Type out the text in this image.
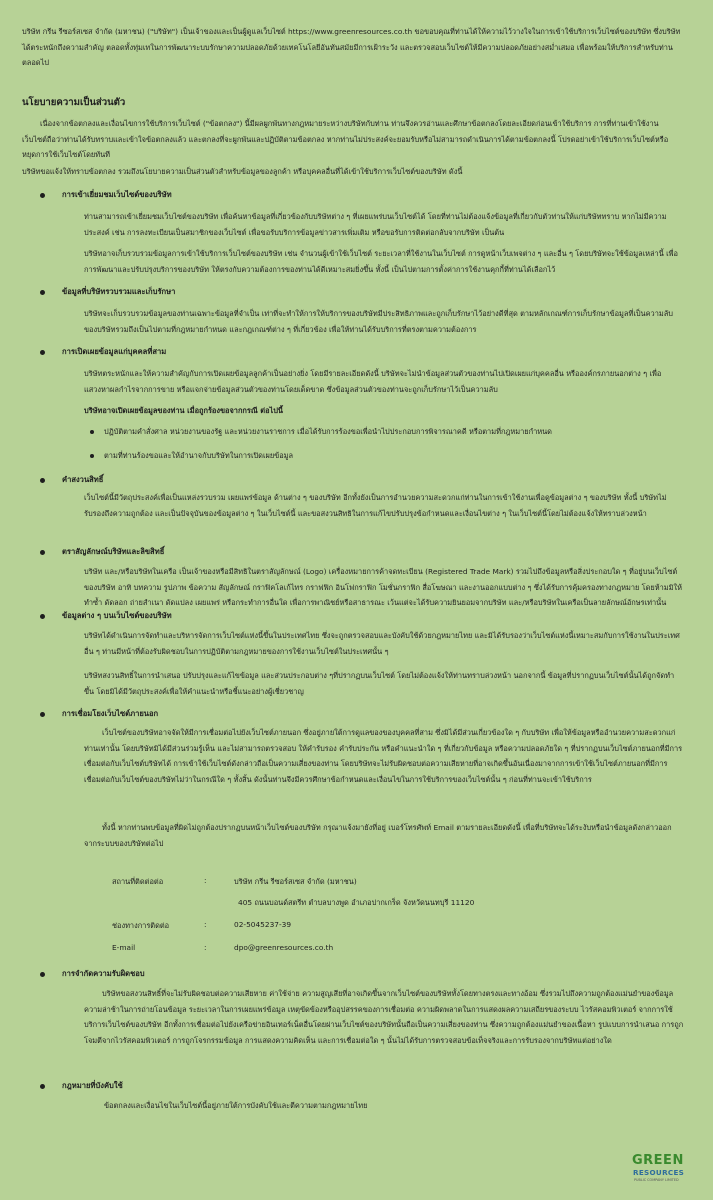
บริษัท กรีน รีซอร์สเซส จำกัด (มหาชน) ("บริษัท") เป็นเจ้าของและเป็นผู้ดูแลเว็บไซต์ https://www.greenresources.co.th ขอขอบคุณที่ท่านได้ให้ความไว้วางใจในการเข้าใช้บริการเว็บไซต์ของบริษัท ซึ่งบริษัทได้ตระหนักถึงความสำคัญ ตลอดทั้งทุ่มเทในการพัฒนาระบบรักษาความปลอดภัยด้วยเทคโนโลยีอันทันสมัยมีการเฝ้าระวัง และตรวจสอบเว็บไซต์ให้มีความปลอดภัยอย่างสม่ำเสมอ เพื่อพร้อมให้บริการสำหรับท่านตลอดไป

นโยบายความเป็นส่วนตัว

เนื่องจากข้อตกลงและเงื่อนไขการใช้บริการเว็บไซต์ ("ข้อตกลง") นี้มีผลผูกพันทางกฎหมายระหว่างบริษัทกับท่าน ท่านจึงควรอ่านและศึกษาข้อตกลงโดยละเอียดก่อนเข้าใช้บริการ การที่ท่านเข้าใช้งานเว็บไซต์ถือว่าท่านได้รับทราบและเข้าใจข้อตกลงแล้ว และตกลงที่จะผูกพันและปฏิบัติตามข้อตกลง หากท่านไม่ประสงค์จะยอมรับหรือไม่สามารถดำเนินการได้ตามข้อตกลงนี้ โปรดอย่าเข้าใช้บริการเว็บไซต์หรือหยุดการใช้เว็บไซต์โดยทันที

บริษัทขอแจ้งให้ทราบข้อตกลง รวมถึงนโยบายความเป็นส่วนตัวสำหรับข้อมูลของลูกค้า หรือบุคคลอื่นที่ได้เข้าใช้บริการเว็บไซต์ของบริษัท ดังนี้

การเข้าเยี่ยมชมเว็บไซต์ของบริษัท

ท่านสามารถเข้าเยี่ยมชมเว็บไซต์ของบริษัท เพื่อค้นหาข้อมูลที่เกี่ยวข้องกับบริษัทต่าง ๆ ที่เผยแพร่บนเว็บไซต์ได้ โดยที่ท่านไม่ต้องแจ้งข้อมูลที่เกี่ยวกับตัวท่านให้แก่บริษัททราบ หากไม่มีความประสงค์ เช่น การลงทะเบียนเป็นสมาชิกของเว็บไซต์ เพื่อขอรับบริการข้อมูลข่าวสารเพิ่มเติม หรือขอรับการติดต่อกลับจากบริษัท เป็นต้น

บริษัทอาจเก็บรวบรวมข้อมูลการเข้าใช้บริการเว็บไซต์ของบริษัท เช่น จำนวนผู้เข้าใช้เว็บไซต์ ระยะเวลาที่ใช้งานในเว็บไซต์ การดูหน้าเว็บเพจต่าง ๆ และอื่น ๆ โดยบริษัทจะใช้ข้อมูลเหล่านี้ เพื่อการพัฒนาและปรับปรุงบริการของบริษัท ให้ตรงกับความต้องการของท่านได้ดีเหมาะสมยิ่งขึ้น ทั้งนี้ เป็นไปตามการตั้งค่าการใช้งานคุกกี้ที่ท่านได้เลือกไว้

ข้อมูลที่บริษัทรวบรวมและเก็บรักษา

บริษัทจะเก็บรวบรวมข้อมูลของท่านเฉพาะข้อมูลที่จำเป็น เท่าที่จะทำให้การให้บริการของบริษัทมีประสิทธิภาพและถูกเก็บรักษาไว้อย่างดีที่สุด ตามหลักเกณฑ์การเก็บรักษาข้อมูลที่เป็นความลับของบริษัทรวมถึงเป็นไปตามที่กฎหมายกำหนด และกฎเกณฑ์ต่าง ๆ ที่เกี่ยวข้อง เพื่อให้ท่านได้รับบริการที่ตรงตามความต้องการ

การเปิดเผยข้อมูลแก่บุคคลที่สาม

บริษัทตระหนักและให้ความสำคัญกับการเปิดเผยข้อมูลลูกค้าเป็นอย่างยิ่ง โดยมีรายละเอียดดังนี้ บริษัทจะไม่นำข้อมูลส่วนตัวของท่านไปเปิดเผยแก่บุคคลอื่น หรือองค์กรภายนอกต่าง ๆ เพื่อแสวงหาผลกำไรจากการขาย หรือแจกจ่ายข้อมูลส่วนตัวของท่านโดยเด็ดขาด ซึ่งข้อมูลส่วนตัวของท่านจะถูกเก็บรักษาไว้เป็นความลับ

บริษัทอาจเปิดเผยข้อมูลของท่าน เมื่อถูกร้องขอจากกรณี ต่อไปนี้
ปฏิบัติตามคำสั่งศาล หน่วยงานของรัฐ และหน่วยงานราชการ เมื่อได้รับการร้องขอเพื่อนำไปประกอบการพิจารณาคดี หรือตามที่กฎหมายกำหนด
ตามที่ท่านร้องขอและให้อำนาจกับบริษัทในการเปิดเผยข้อมูล
คำสงวนสิทธิ์

เว็บไซต์นี้มีวัตถุประสงค์เพื่อเป็นแหล่งรวบรวม เผยแพร่ข้อมูล ด้านต่าง ๆ ของบริษัท อีกทั้งยังเป็นการอำนวยความสะดวกแก่ท่านในการเข้าใช้งานเพื่อดูข้อมูลต่าง ๆ ของบริษัท ทั้งนี้ บริษัทไม่รับรองถึงความถูกต้อง และเป็นปัจจุบันของข้อมูลต่าง ๆ ในเว็บไซต์นี้ และขอสงวนสิทธิในการแก้ไขปรับปรุงข้อกำหนดและเงื่อนไขต่าง ๆ ในเว็บไซต์นี้โดยไม่ต้องแจ้งให้ทราบล่วงหน้า

ตราสัญลักษณ์บริษัทและลิขสิทธิ์

บริษัท และ/หรือบริษัทในเครือ เป็นเจ้าของหรือมีสิทธิในตราสัญลักษณ์ (Logo) เครื่องหมายการค้าจดทะเบียน (Registered Trade Mark) รวมไปถึงข้อมูลหรือสิ่งประกอบใด ๆ ที่อยู่บนเว็บไซต์ของบริษัท อาทิ บทความ รูปภาพ ข้อความ สัญลักษณ์ กราฟิคโลเก้ไทร กราฟฟิก อินโฟกราฟิก โมชั่นกราฟิก สื่อโฆษณา และงานออกแบบต่าง ๆ ซึ่งได้รับการคุ้มครองทางกฎหมาย โดยห้ามมิให้ ทำซ้ำ ดัดลอก ถ่ายสำเนา ดัดแปลง เผยแพร่ หรือกระทำการอื่นใด เพื่อการพาณิชย์หรือสาธารณะ เว้นแต่จะได้รับความยินยอมจากบริษัท และ/หรือบริษัทในเครือเป็นลายลักษณ์อักษรเท่านั้น

ข้อมูลต่าง ๆ บนเว็บไซต์ของบริษัท

บริษัทได้ดำเนินการจัดทำและบริหารจัดการเว็บไซต์แห่งนี้ขึ้นในประเทศไทย ซึ่งจะถูกตรวจสอบและบังคับใช้ด้วยกฎหมายไทย และมิได้รับรองว่าเว็บไซต์แห่งนี้เหมาะสมกับการใช้งานในประเทศอื่น ๆ ท่านมีหน้าที่ต้องรับผิดชอบในการปฏิบัติตามกฎหมายของการใช้งานเว็บไซต์ในประเทศนั้น ๆ

บริษัทสงวนสิทธิ์ในการนำเสนอ ปรับปรุงและแก้ไขข้อมูล และส่วนประกอบต่าง ๆที่ปรากฏบนเว็บไซต์ โดยไม่ต้องแจ้งให้ท่านทราบล่วงหน้า นอกจากนี้ ข้อมูลที่ปรากฏบนเว็บไซต์นั้นได้ถูกจัดทำขึ้น โดยมิได้มีวัตถุประสงค์เพื่อให้คำแนะนำหรือชี้แนะอย่างผู้เชี่ยวชาญ

การเชื่อมโยงเว็บไซต์ภายนอก

เว็บไซต์ของบริษัทอาจจัดให้มีการเชื่อมต่อไปยังเว็บไซต์ภายนอก ซึ่งอยู่ภายใต้การดูแลของของบุคคลที่สาม ซึ่งมิได้มีส่วนเกี่ยวข้องใด ๆ กับบริษัท เพื่อให้ข้อมูลหรืออำนวยความสะดวกแก่ท่านเท่านั้น โดยบริษัทมิได้มีส่วนร่วมรู้เห็น และไม่สามารถตรวจสอบ ให้คำรับรอง คำรับประกัน หรือคำแนะนำใด ๆ ที่เกี่ยวกับข้อมูล หรือความปลอดภัยใด ๆ ที่ปรากฏบนเว็บไซต์ภายนอกที่มีการเชื่อมต่อกับเว็บไซต์บริษัทได้ การเข้าใช้เว็บไซต์ดังกล่าวถือเป็นความเสี่ยงของท่าน โดยบริษัทจะไม่รับผิดชอบต่อความเสียหายที่อาจเกิดขึ้นอันเนื่องมาจากการเข้าใช้เว็บไซต์ภายนอกที่มีการเชื่อมต่อกับเว็บไซต์ของบริษัทไม่ว่าในกรณีใด ๆ ทั้งสิ้น ดังนั้นท่านจึงมีควรศึกษาข้อกำหนดและเงื่อนไขในการใช้บริการของเว็บไซต์นั้น ๆ ก่อนที่ท่านจะเข้าใช้บริการ

ทั้งนี้ หากท่านพบข้อมูลที่ผิดไม่ถูกต้องปรากฏบนหน้าเว็บไซต์ของบริษัท กรุณาแจ้งมายังที่อยู่ เบอร์โทรศัพท์ Email ตามรายละเอียดดังนี้ เพื่อที่บริษัทจะได้ระงับหรือนำข้อมูลดังกล่าวออกจากระบบของบริษัทต่อไป

สถานที่ติดต่อต่อ	:	บริษัท กรีน รีซอร์สเซส จำกัด (มหาชน)
405 ถนนบอนด์สตรีท ตำบลบางพูด อำเภอปากเกร็ด จังหวัดนนทบุรี 11120
ช่องทางการติดต่อ	:	02-5045237-39
E-mail	:	dpo@greenresources.co.th
การจำกัดความรับผิดชอบ

บริษัทขอสงวนสิทธิ์ที่จะไม่รับผิดชอบต่อความเสียหาย ค่าใช้จ่าย ความสูญเสียที่อาจเกิดขึ้นจากเว็บไซต์ของบริษัททั้งโดยทางตรงและทางอ้อม ซึ่งรวมไปถึงความถูกต้องแม่นยำของข้อมูล ความล่าช้าในการถ่ายโอนข้อมูล ระยะเวลาในการเผยแพร่ข้อมูล เหตุขัดข้องหรืออุปสรรคของการเชื่อมต่อ ความผิดพลาดในการแสดงผลความเสถียรของระบบ ไวรัสคอมพิวเตอร์ จากการใช้บริการเว็บไซต์ของบริษัท อีกทั้งการเชื่อมต่อไปยังเครือข่ายอินเทอร์เน็ตอื่นโดยผ่านเว็บไซต์ของบริษัทนั้นถือเป็นความเสี่ยงของท่าน ซึ่งความถูกต้องแม่นยำของเนื้อหา รูปแบบการนำเสนอ การถูกโจมตีจากไวรัสคอมพิวเตอร์ การถูกโจรกรรมข้อมูล การแสดงความคิดเห็น และการเชื่อมต่อใด ๆ นั้นไม่ได้รับการตรวจสอบข้อเท็จจริงและการรับรองจากบริษัทแต่อย่างใด

กฎหมายที่บังคับใช้

ข้อตกลงและเงื่อนไขในเว็บไซต์นี้อยู่ภายใต้การบังคับใช้และตีความตามกฎหมายไทย

GREEN
RESOURCES
PUBLIC COMPANY LIMITED
